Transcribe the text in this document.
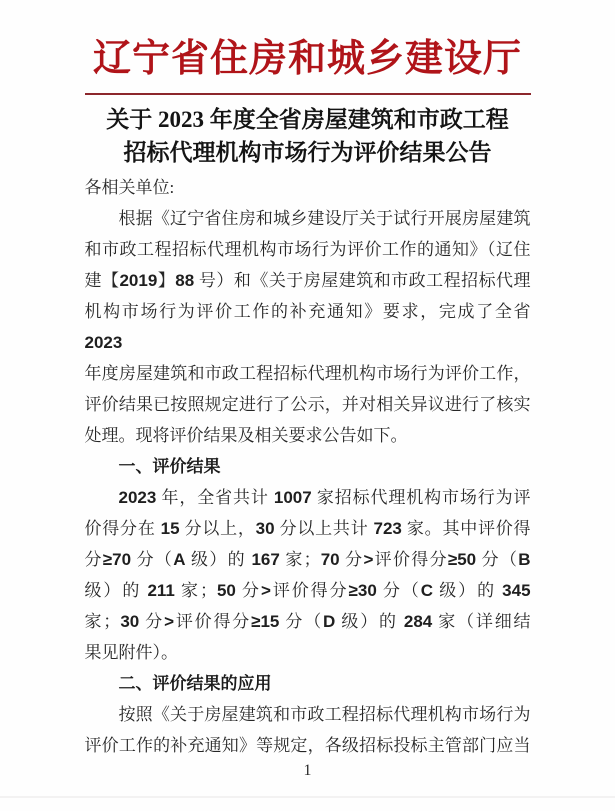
辽宁省住房和城乡建设厅
关于 2023 年度全省房屋建筑和市政工程
招标代理机构市场行为评价结果公告
各相关单位:
根据《辽宁省住房和城乡建设厅关于试行开展房屋建筑
和市政工程招标代理机构市场行为评价工作的通知》（辽住
建【2019】88 号）和《关于房屋建筑和市政工程招标代理
机构市场行为评价工作的补充通知》要求，完成了全省 2023
年度房屋建筑和市政工程招标代理机构市场行为评价工作，
评价结果已按照规定进行了公示，并对相关异议进行了核实
处理。现将评价结果及相关要求公告如下。
一、评价结果
2023 年，全省共计 1007 家招标代理机构市场行为评
价得分在 15 分以上，30 分以上共计 723 家。其中评价得
分≥70 分（A 级）的 167 家；70 分>评价得分≥50 分（B
级）的 211 家；50 分>评价得分≥30 分（C 级）的 345
家；30 分>评价得分≥15 分（D 级）的 284 家（详细结
果见附件）。
二、评价结果的应用
按照《关于房屋建筑和市政工程招标代理机构市场行为
评价工作的补充通知》等规定，各级招标投标主管部门应当
1
